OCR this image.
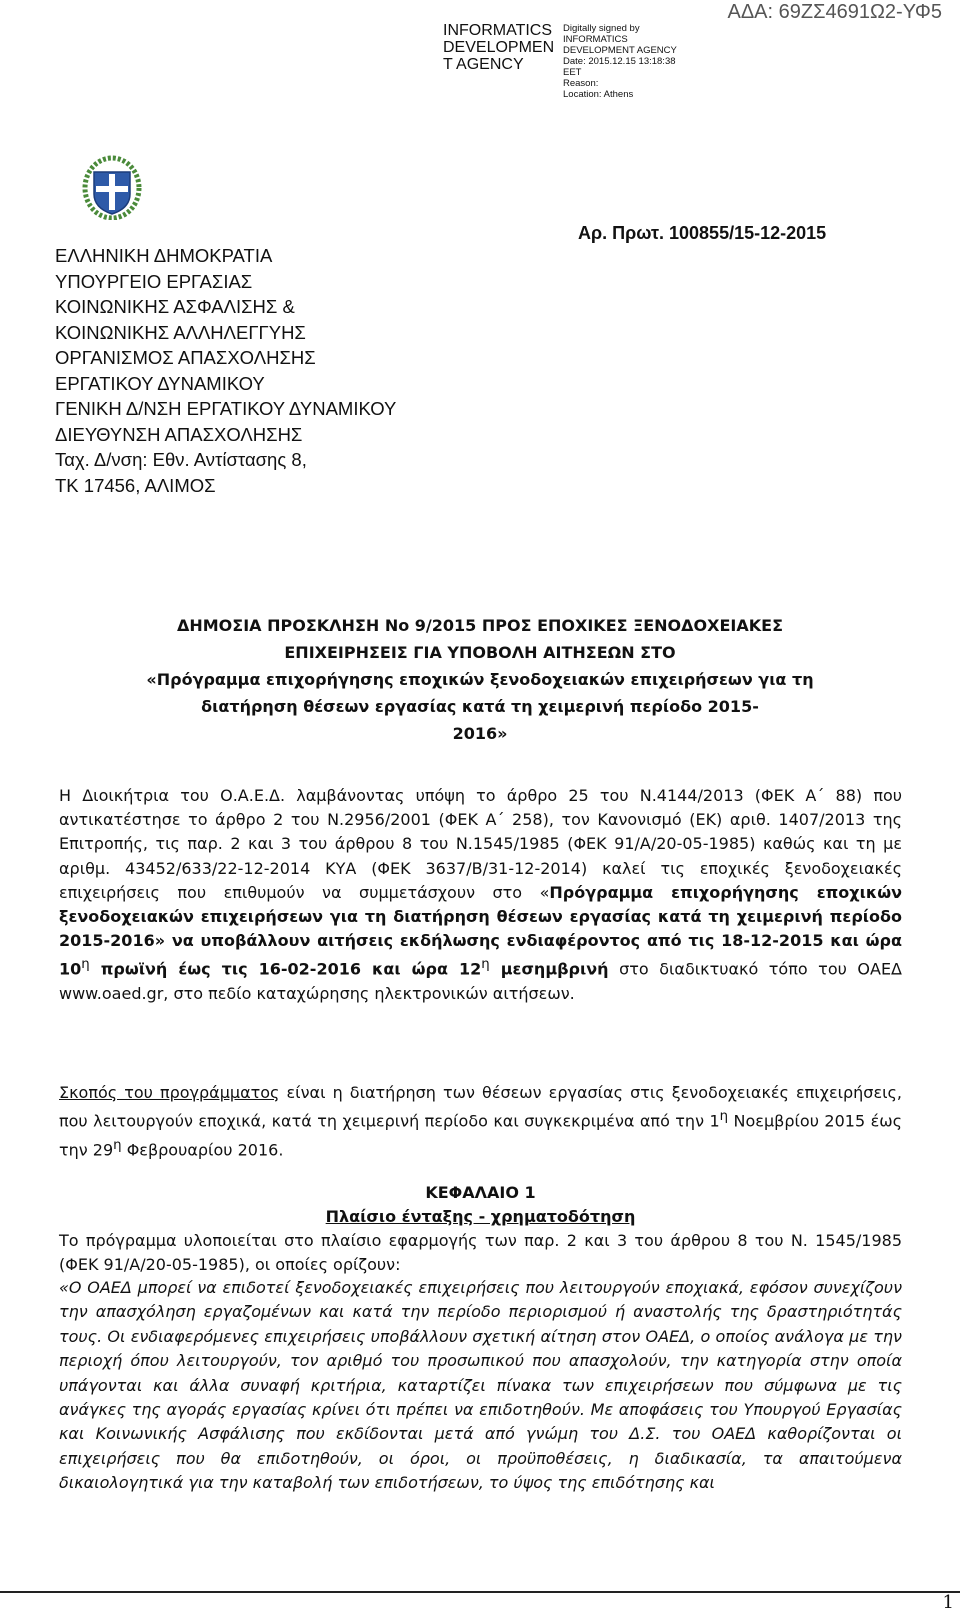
INFORMATICS
DEVELOPMEN
T AGENCY
Digitally signed by
INFORMATICS
DEVELOPMENT AGENCY
Date: 2015.12.15 13:18:38
EET
Reason:
Location: Athens
ΑΔΑ: 69ΖΣ4691Ω2-ΥΦ5
ΕΛΛΗΝΙΚΗ ΔΗΜΟΚΡΑΤΙΑ
ΥΠΟΥΡΓΕΙΟ ΕΡΓΑΣΙΑΣ
ΚΟΙΝΩΝΙΚΗΣ ΑΣΦΑΛΙΣΗΣ &
ΚΟΙΝΩΝΙΚΗΣ ΑΛΛΗΛΕΓΓΥΗΣ
ΟΡΓΑΝΙΣΜΟΣ ΑΠΑΣΧΟΛΗΣΗΣ
ΕΡΓΑΤΙΚΟΥ ΔΥΝΑΜΙΚΟΥ
ΓΕΝΙΚΗ Δ/ΝΣΗ ΕΡΓΑΤΙΚΟΥ ΔΥΝΑΜΙΚΟΥ
ΔΙΕΥΘΥΝΣΗ ΑΠΑΣΧΟΛΗΣΗΣ
Ταχ. Δ/νση: Εθν. Αντίστασης 8,
ΤΚ 17456, ΑΛΙΜΟΣ
Αρ. Πρωτ. 100855/15-12-2015
ΔΗΜΟΣΙΑ ΠΡΟΣΚΛΗΣΗ Νο 9/2015 ΠΡΟΣ ΕΠΟΧΙΚΕΣ ΞΕΝΟΔΟΧΕΙΑΚΕΣ
ΕΠΙΧΕΙΡΗΣΕΙΣ ΓΙΑ ΥΠΟΒΟΛΗ ΑΙΤΗΣΕΩΝ ΣΤΟ
«Πρόγραμμα επιχορήγησης εποχικών ξενοδοχειακών επιχειρήσεων για τη
διατήρηση θέσεων εργασίας κατά τη χειμερινή περίοδο 2015-
2016»

Η Διοικήτρια του Ο.Α.Ε.Δ. λαμβάνοντας υπόψη το άρθρο 25 του Ν.4144/2013 (ΦΕΚ Α΄ 88) που αντικατέστησε το άρθρο 2 του Ν.2956/2001 (ΦΕΚ Α΄ 258), τον Κανονισμό (ΕΚ) αριθ. 1407/2013 της Επιτροπής, τις παρ. 2 και 3 του άρθρου 8 του Ν.1545/1985 (ΦΕΚ 91/Α/20-05-1985) καθώς και τη με αριθμ. 43452/633/22-12-2014 ΚΥΑ (ΦΕΚ 3637/Β/31-12-2014) καλεί τις εποχικές ξενοδοχειακές επιχειρήσεις που επιθυμούν να συμμετάσχουν στο «Πρόγραμμα επιχορήγησης εποχικών ξενοδοχειακών επιχειρήσεων για τη διατήρηση θέσεων εργασίας κατά τη χειμερινή περίοδο 2015-2016» να υποβάλλουν αιτήσεις εκδήλωσης ενδιαφέροντος από τις 18-12-2015 και ώρα $10^\eta$ πρωϊνή έως τις 16-02-2016 και ώρα $12^\eta$ μεσημβρινή στο διαδικτυακό τόπο του ΟΑΕΔ www.oaed.gr, στο πεδίο καταχώρησης ηλεκτρονικών αιτήσεων.

Σκοπός του προγράμματος είναι η διατήρηση των θέσεων εργασίας στις ξενοδοχειακές επιχειρήσεις, που λειτουργούν εποχικά, κατά τη χειμερινή περίοδο και συγκεκριμένα από την $1^\eta$ Νοεμβρίου 2015 έως την $29^\eta$ Φεβρουαρίου 2016.

ΚΕΦΑΛΑΙΟ 1
Πλαίσιο ένταξης - χρηματοδότηση

Το πρόγραμμα υλοποιείται στο πλαίσιο εφαρμογής των παρ. 2 και 3 του άρθρου 8 του Ν. 1545/1985 (ΦΕΚ 91/Α/20-05-1985), οι οποίες ορίζουν:

«Ο ΟΑΕΔ μπορεί να επιδοτεί ξενοδοχειακές επιχειρήσεις που λειτουργούν εποχιακά, εφόσον συνεχίζουν την απασχόληση εργαζομένων και κατά την περίοδο περιορισμού ή αναστολής της δραστηριότητάς τους. Οι ενδιαφερόμενες επιχειρήσεις υποβάλλουν σχετική αίτηση στον ΟΑΕΔ, ο οποίος ανάλογα με την περιοχή όπου λειτουργούν, τον αριθμό του προσωπικού που απασχολούν, την κατηγορία στην οποία υπάγονται και άλλα συναφή κριτήρια, καταρτίζει πίνακα των επιχειρήσεων που σύμφωνα με τις ανάγκες της αγοράς εργασίας κρίνει ότι πρέπει να επιδοτηθούν. Με αποφάσεις του Υπουργού Εργασίας και Κοινωνικής Ασφάλισης που εκδίδονται μετά από γνώμη του Δ.Σ. του ΟΑΕΔ καθορίζονται οι επιχειρήσεις που θα επιδοτηθούν, οι όροι, οι προϋποθέσεις, η διαδικασία, τα απαιτούμενα δικαιολογητικά για την καταβολή των επιδοτήσεων, το ύψος της επιδότησης και

1
